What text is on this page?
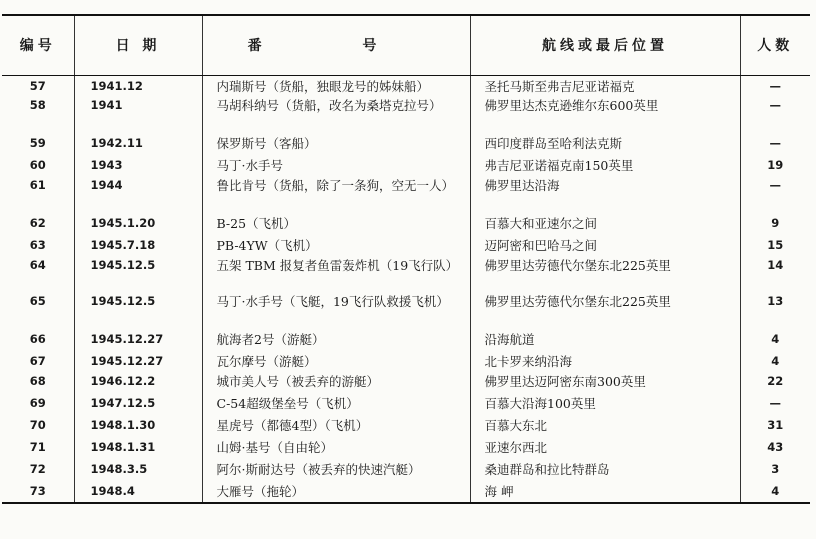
编号	日 期	番 号	航线或最后位置	人数
57	1941.12	内瑞斯号（货船，独眼龙号的姊妹船）	圣托马斯至弗吉尼亚诺福克	—
58	1941	马胡科纳号（货船，改名为桑塔克拉号）	佛罗里达杰克逊维尔东600英里	—
59	1942.11	保罗斯号（客船）	西印度群岛至哈利法克斯	—
60	1943	马丁·水手号	弗吉尼亚诺福克南150英里	19
61	1944	鲁比肯号（货船，除了一条狗，空无一人）	佛罗里达沿海	—
62	1945.1.20	B-25（飞机）	百慕大和亚速尔之间	9
63	1945.7.18	PB-4YW（飞机）	迈阿密和巴哈马之间	15
64	1945.12.5	五架 TBM 报复者鱼雷轰炸机（19飞行队）	佛罗里达劳德代尔堡东北225英里	14
65	1945.12.5	马丁·水手号（飞艇，19飞行队救援飞机）	佛罗里达劳德代尔堡东北225英里	13
66	1945.12.27	航海者2号（游艇）	沿海航道	4
67	1945.12.27	瓦尔摩号（游艇）	北卡罗来纳沿海	4
68	1946.12.2	城市美人号（被丢弃的游艇）	佛罗里达迈阿密东南300英里	22
69	1947.12.5	C-54超级堡垒号（飞机）	百慕大沿海100英里	—
70	1948.1.30	星虎号（都德4型）（飞机）	百慕大东北	31
71	1948.1.31	山姆·基号（自由轮）	亚速尔西北	43
72	1948.3.5	阿尔·斯耐达号（被丢弃的快速汽艇）	桑迪群岛和拉比特群岛	3
73	1948.4	大雁号（拖轮）	海 岬	4
